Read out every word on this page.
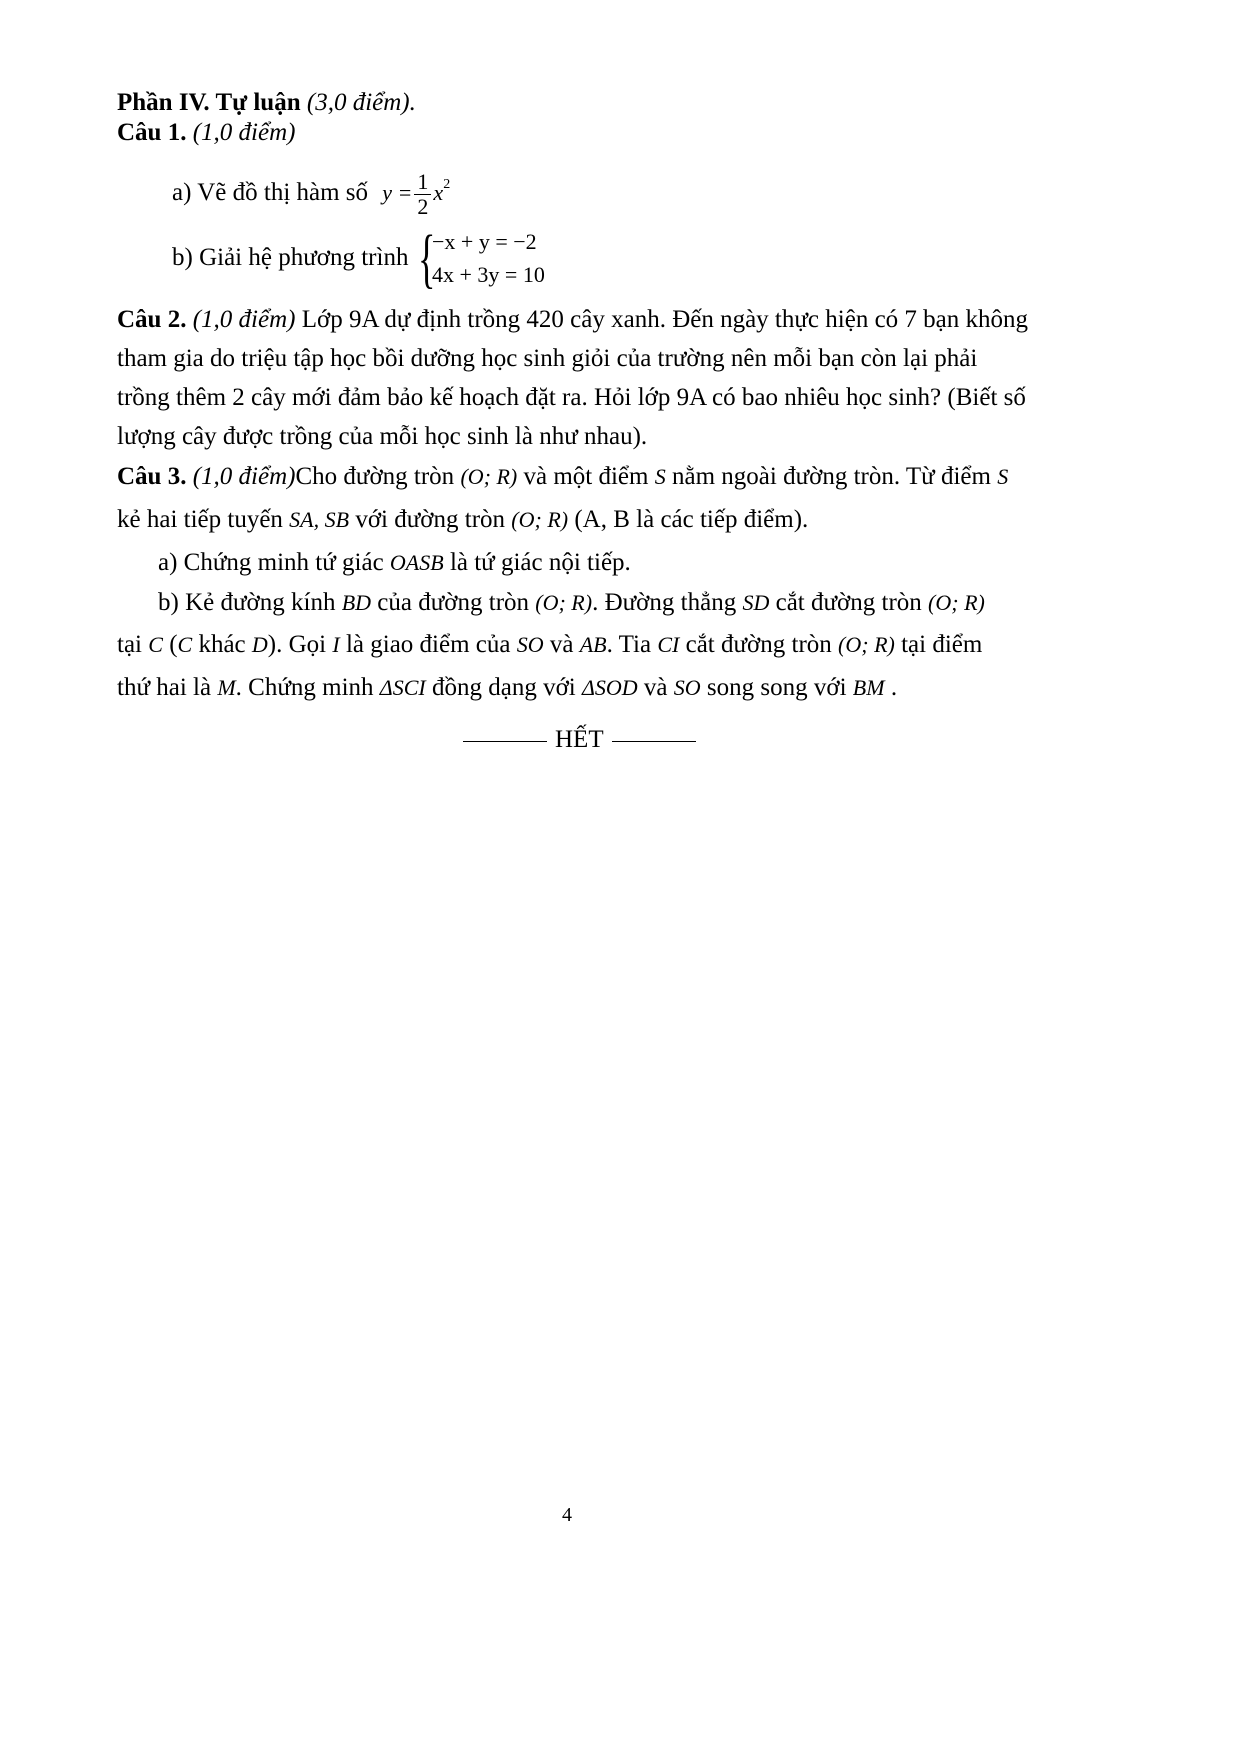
Phần IV. Tự luận (3,0 điểm).
Câu 1. (1,0 điểm)
a) Vẽ đồ thị hàm số $y = \frac{1}{2} x^2$
b) Giải hệ phương trình {
−x + y = −2
4x + 3y = 10
Câu 2. (1,0 điểm) Lớp 9A dự định trồng 420 cây xanh. Đến ngày thực hiện có 7 bạn không
tham gia do triệu tập học bồi dưỡng học sinh giỏi của trường nên mỗi bạn còn lại phải
trồng thêm 2 cây mới đảm bảo kế hoạch đặt ra. Hỏi lớp 9A có bao nhiêu học sinh? (Biết số
lượng cây được trồng của mỗi học sinh là như nhau).
Câu 3. (1,0 điểm)Cho đường tròn (O; R) và một điểm S nằm ngoài đường tròn. Từ điểm S
kẻ hai tiếp tuyến SA, SB với đường tròn (O; R) (A, B là các tiếp điểm).
a) Chứng minh tứ giác OASB là tứ giác nội tiếp.
b) Kẻ đường kính BD của đường tròn (O; R). Đường thẳng SD cắt đường tròn (O; R)
tại C (C khác D). Gọi I là giao điểm của SO và AB. Tia CI cắt đường tròn (O; R) tại điểm
thứ hai là M. Chứng minh ΔSCI đồng dạng với ΔSOD và SO song song với BM .
HẾT
4
